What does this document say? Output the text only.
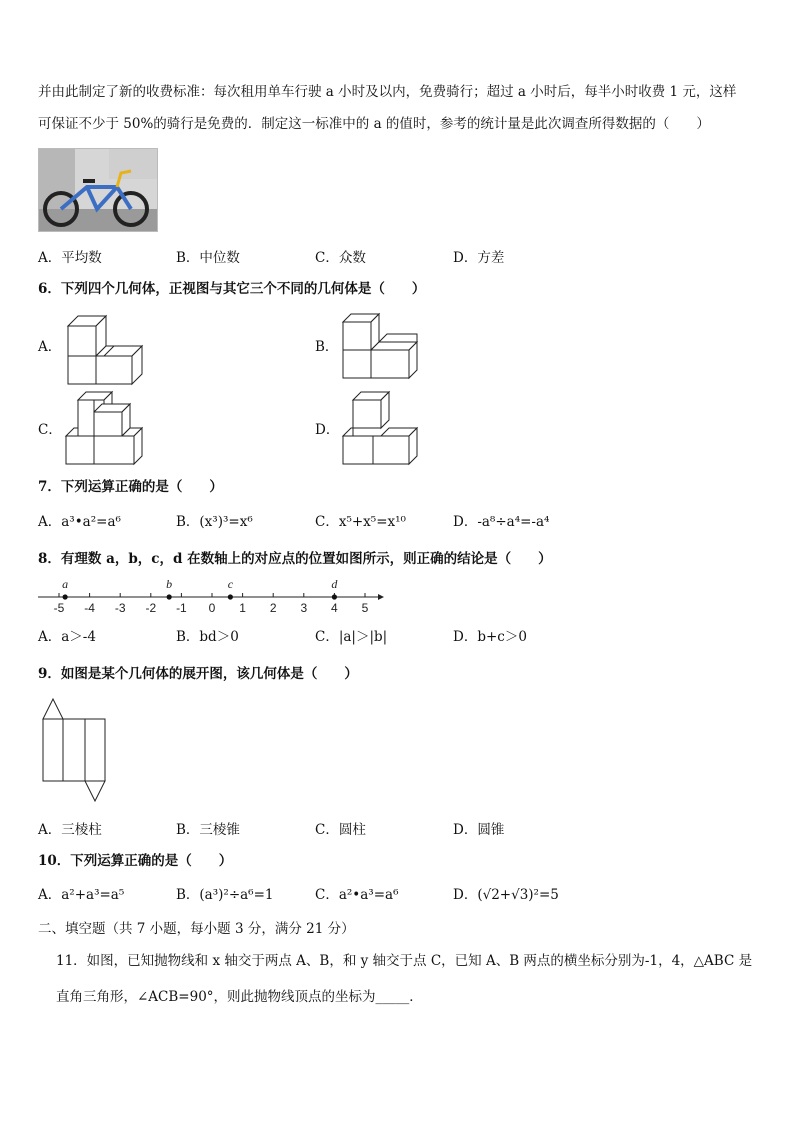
并由此制定了新的收费标准：每次租用单车行驶 a 小时及以内，免费骑行；超过 a 小时后，每半小时收费 1 元，这样
可保证不少于 50%的骑行是免费的．制定这一标准中的 a 的值时，参考的统计量是此次调查所得数据的（　　）
A．平均数	B．中位数	C．众数	D．方差
6．下列四个几何体，正视图与其它三个不同的几何体是（　　）
A．	B．
C．	D．
7．下列运算正确的是（　　）
A．a³•a²=a⁶	B．(x³)³=x⁶	C．x⁵+x⁵=x¹⁰	D．-a⁸÷a⁴=-a⁴
8．有理数 a，b，c，d 在数轴上的对应点的位置如图所示，则正确的结论是（　　）
-5 -4 -3 -2 -1 0 1 2 3 4 5
a	b	c	d
A．a＞-4	B．bd＞0	C．|a|＞|b|	D．b+c＞0
9．如图是某个几何体的展开图，该几何体是（　　）
A．三棱柱	B．三棱锥	C．圆柱	D．圆锥
10．下列运算正确的是（　　）
A．a²+a³=a⁵	B．(a³)²÷a⁶=1	C．a²•a³=a⁶	D．(√2+√3)²=5
二、填空题（共 7 小题，每小题 3 分，满分 21 分）
11．如图，已知抛物线和 x 轴交于两点 A、B，和 y 轴交于点 C，已知 A、B 两点的横坐标分别为-1，4，△ABC 是
直角三角形，∠ACB=90°，则此抛物线顶点的坐标为_____．
